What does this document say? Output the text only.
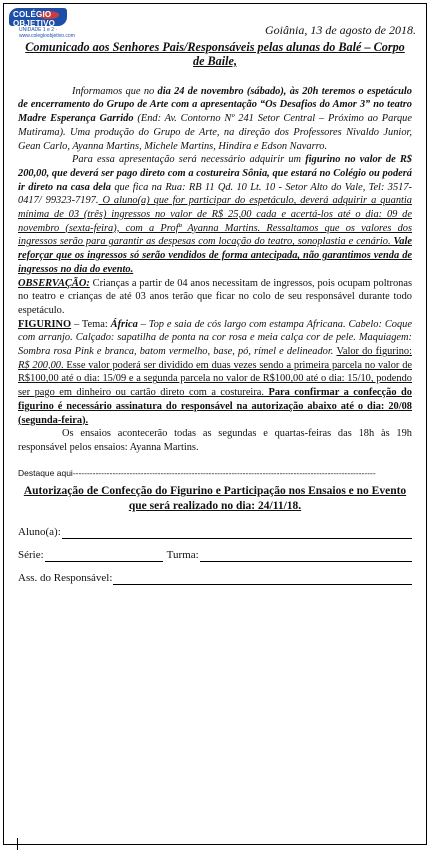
COLÉGIO OBJETIVO
UNIDADE 1 e 2 · www.colegioobjetivo.com	Goiânia, 13 de agosto de 2018.
Comunicado aos Senhores Pais/Responsáveis pelas alunas do Balé – Corpo de Baile,

Informamos que no dia 24 de novembro (sábado), às 20h teremos o espetáculo de encerramento do Grupo de Arte com a apresentação “Os Desafios do Amor 3” no teatro Madre Esperança Garrido (End: Av. Contorno Nº 241 Setor Central – Próximo ao Parque Mutirama). Uma produção do Grupo de Arte, na direção dos Professores Nivaldo Junior, Gean Carlo, Ayanna Martins, Michele Martins, Hindira e Edson Navarro.

Para essa apresentação será necessário adquirir um figurino no valor de R$ 200,00, que deverá ser pago direto com a costureira Sônia, que estará no Colégio ou poderá ir direto na casa dela que fica na Rua: RB 11 Qd. 10 Lt. 10 - Setor Alto do Vale, Tel: 3517-0417/ 99323-7197. O aluno(a) que for participar do espetáculo, deverá adquirir a quantia mínima de 03 (três) ingressos no valor de R$ 25,00 cada e acertá-los até o dia: 09 de novembro (sexta-feira), com a Profª Ayanna Martins. Ressaltamos que os valores dos ingressos serão para garantir as despesas com locação do teatro, sonoplastia e cenário. Vale reforçar que os ingressos só serão vendidos de forma antecipada, não garantimos venda de ingressos no dia do evento.

OBSERVAÇÃO: Crianças a partir de 04 anos necessitam de ingressos, pois ocupam poltronas no teatro e crianças de até 03 anos terão que ficar no colo de seu responsável durante todo espetáculo.

FIGURINO – Tema: África – Top e saia de cós largo com estampa Africana. Cabelo: Coque com arranjo. Calçado: sapatilha de ponta na cor rosa e meia calça cor de pele. Maquiagem: Sombra rosa Pink e branca, batom vermelho, base, pó, rímel e delineador. Valor do figurino: R$ 200,00. Esse valor poderá ser dividido em duas vezes sendo a primeira parcela no valor de R$100,00 até o dia: 15/09 e a segunda parcela no valor de R$100,00 até o dia: 15/10, podendo ser pago em dinheiro ou cartão direto com a costureira. Para confirmar a confecção do figurino é necessário assinatura do responsável na autorização abaixo até o dia: 20/08 (segunda-feira).

Os ensaios acontecerão todas as segundas e quartas-feiras das 18h às 19h responsável pelos ensaios: Ayanna Martins.

Destaque aqui-----------------------------------------------------------------------------------------------------------
Autorização de Confecção do Figurino e Participação nos Ensaios e no Evento que será realizado no dia: 24/11/18.
Aluno(a):
Série:	Turma:
Ass. do Responsável:
